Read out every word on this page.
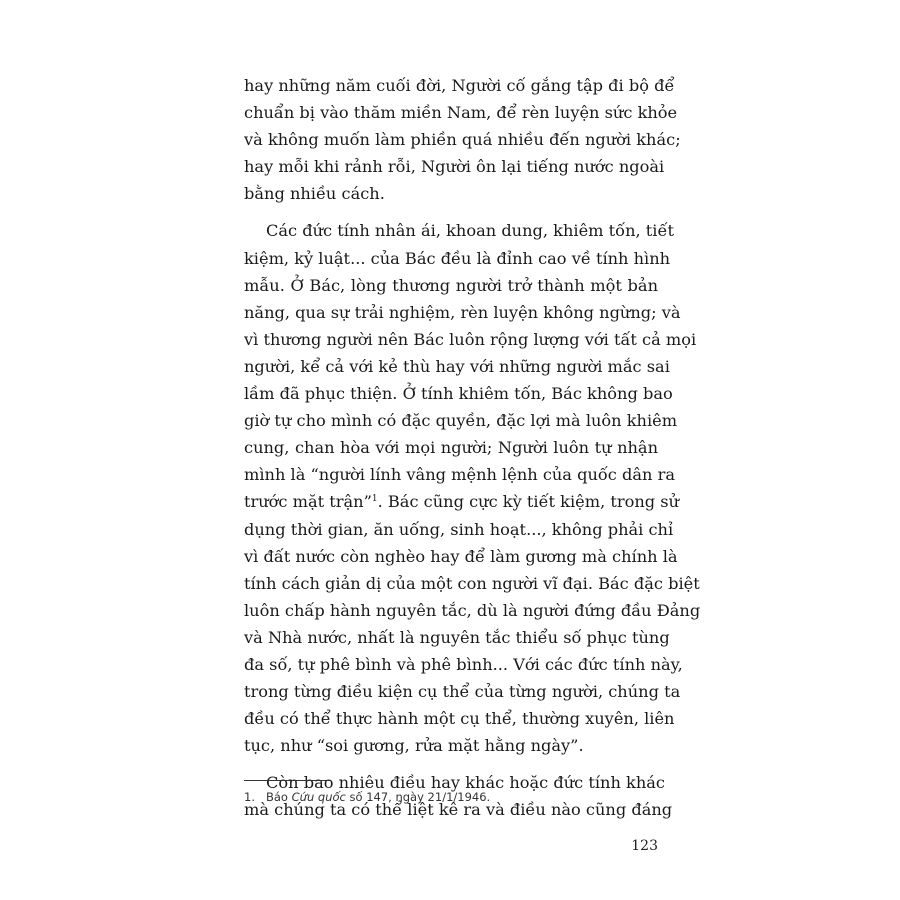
hay những năm cuối đời, Người cố gắng tập đi bộ để
chuẩn bị vào thăm miền Nam, để rèn luyện sức khỏe
và không muốn làm phiền quá nhiều đến người khác;
hay mỗi khi rảnh rỗi, Người ôn lại tiếng nước ngoài
bằng nhiều cách.
Các đức tính nhân ái, khoan dung, khiêm tốn, tiết
kiệm, kỷ luật... của Bác đều là đỉnh cao về tính hình
mẫu. Ở Bác, lòng thương người trở thành một bản
năng, qua sự trải nghiệm, rèn luyện không ngừng; và
vì thương người nên Bác luôn rộng lượng với tất cả mọi
người, kể cả với kẻ thù hay với những người mắc sai
lầm đã phục thiện. Ở tính khiêm tốn, Bác không bao
giờ tự cho mình có đặc quyền, đặc lợi mà luôn khiêm
cung, chan hòa với mọi người; Người luôn tự nhận
mình là “người lính vâng mệnh lệnh của quốc dân ra
trước mặt trận”$^1$. Bác cũng cực kỳ tiết kiệm, trong sử
dụng thời gian, ăn uống, sinh hoạt..., không phải chỉ
vì đất nước còn nghèo hay để làm gương mà chính là
tính cách giản dị của một con người vĩ đại. Bác đặc biệt
luôn chấp hành nguyên tắc, dù là người đứng đầu Đảng
và Nhà nước, nhất là nguyên tắc thiểu số phục tùng
đa số, tự phê bình và phê bình... Với các đức tính này,
trong từng điều kiện cụ thể của từng người, chúng ta
đều có thể thực hành một cụ thể, thường xuyên, liên
tục, như “soi gương, rửa mặt hằng ngày”.
Còn bao nhiêu điều hay khác hoặc đức tính khác
mà chúng ta có thể liệt kê ra và điều nào cũng đáng
1. Báo Cứu quốc số 147, ngày 21/1/1946.
123
